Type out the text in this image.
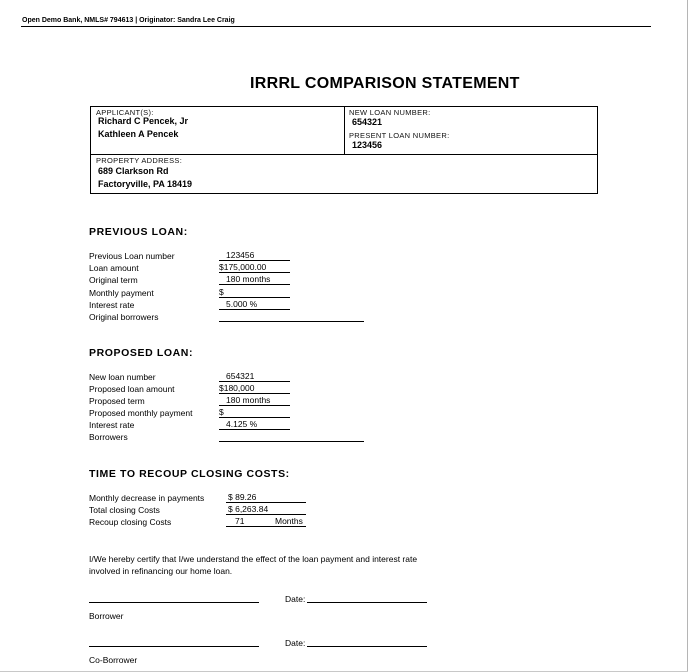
Open Demo Bank, NMLS# 794613 | Originator: Sandra Lee Craig
IRRRL COMPARISON STATEMENT
APPLICANT(S):
Richard C Pencek, Jr
Kathleen A Pencek
NEW LOAN NUMBER:
654321
PRESENT LOAN NUMBER:
123456
PROPERTY ADDRESS:
689 Clarkson Rd
Factoryville, PA 18419
PREVIOUS LOAN:
Previous Loan number	123456
Loan amount	$175,000.00
Original term	180 months
Monthly payment	$
Interest rate	5.000 %
Original borrowers
PROPOSED LOAN:
New loan number	654321
Proposed loan amount	$180,000
Proposed term	180 months
Proposed monthly payment	$
Interest rate	4.125 %
Borrowers
TIME TO RECOUP CLOSING COSTS:
Monthly decrease in payments	$ 89.26
Total closing Costs	$ 6,263.84
Recoup closing Costs	71	Months
I/We hereby certify that I/we understand the effect of the loan payment and interest rate
involved in refinancing our home loan.
Date:
Borrower
Date:
Co-Borrower
